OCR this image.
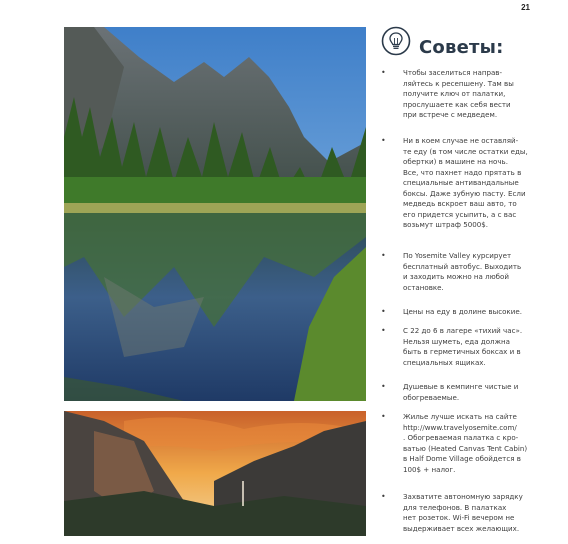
21
Советы:
•	Чтобы заселиться направ-
ляйтесь к ресепшену. Там вы
получите ключ от палатки,
прослушаете как себя вести
при встрече с медведем.
•	Ни в коем случае не оставляй-
те еду (в том числе остатки еды,
обертки) в машине на ночь.
Все, что пахнет надо прятать в
специальные антивандальные
боксы. Даже зубную пасту. Если
медведь вскроет ваш авто, то
его придется усыпить, а с вас
возьмут штраф 5000$.
•	По Yosemite Valley курсирует
бесплатный автобус. Выходить
и заходить можно на любой
остановке.
•	Цены на еду в долине высокие.
•	С 22 до 6 в лагере «тихий час».
Нельзя шуметь, еда должна
быть в герметичных боксах и в
специальных ящиках.
•	Душевые в кемпинге чистые и
обогреваемые.
•	Жилье лучше искать на сайте
http://www.travelyosemite.com/
. Обогреваемая палатка с кро-
ватью (Heated Canvas Tent Cabin)
в Half Dome Village обойдется в
100$ + налог.
•	Захватите автономную зарядку
для телефонов. В палатках
нет розеток. Wi-Fi вечером не
выдерживает всех желающих.
